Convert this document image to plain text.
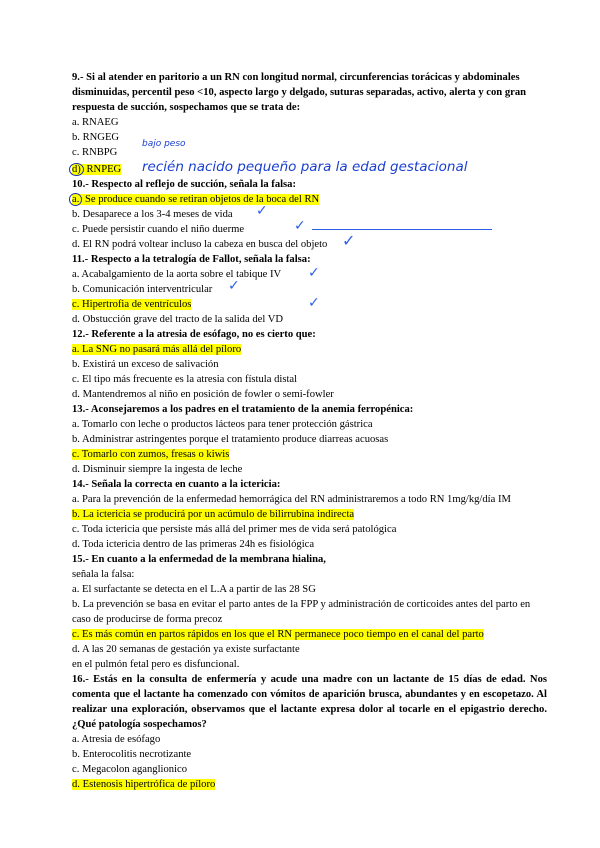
9.- Si al atender en paritorio a un RN con longitud normal, circunferencias torácicas y abdominales disminuidas, percentil peso <10, aspecto largo y delgado, suturas separadas, activo, alerta y con gran respuesta de succión, sospechamos que se trata de:
a. RNAEG
b. RNGEG
c. RNBPG
bajo peso
d) RNPEG recién nacido pequeño para la edad gestacional
10.- Respecto al reflejo de succión, señala la falsa:
a. Se produce cuando se retiran objetos de la boca del RN
b. Desaparece a los 3-4 meses de vida ✓
c. Puede persistir cuando el niño duerme	✓
d. El RN podrá voltear incluso la cabeza en busca del objeto ✓
11.- Respecto a la tetralogía de Fallot, señala la falsa:
a. Acabalgamiento de la aorta sobre el tabique IV ✓
b. Comunicación interventricular ✓
c. Hipertrofia de ventrículos	✓
d. Obstucción grave del tracto de la salida del VD
12.- Referente a la atresia de esófago, no es cierto que:
a. La SNG no pasará más allá del píloro
b. Existirá un exceso de salivación
c. El tipo más frecuente es la atresia con fístula distal
d. Mantendremos al niño en posición de fowler o semi-fowler
13.- Aconsejaremos a los padres en el tratamiento de la anemia ferropénica:
a. Tomarlo con leche o productos lácteos para tener protección gástrica
b. Administrar astringentes porque el tratamiento produce diarreas acuosas
c. Tomarlo con zumos, fresas o kiwis
d. Disminuir siempre la ingesta de leche
14.- Señala la correcta en cuanto a la ictericia:
a. Para la prevención de la enfermedad hemorrágica del RN administraremos a todo RN 1mg/kg/día IM
b. La ictericia se producirá por un acúmulo de bilirrubina indirecta
c. Toda ictericia que persiste más allá del primer mes de vida será patológica
d. Toda ictericia dentro de las primeras 24h es fisiológica
15.- En cuanto a la enfermedad de la membrana hialina,
señala la falsa:
a. El surfactante se detecta en el L.A a partir de las 28 SG
b. La prevención se basa en evitar el parto antes de la FPP y administración de corticoides antes del parto en caso de producirse de forma precoz
c. Es más común en partos rápidos en los que el RN permanece poco tiempo en el canal del parto
d. A las 20 semanas de gestación ya existe surfactante
en el pulmón fetal pero es disfuncional.
16.- Estás en la consulta de enfermería y acude una madre con un lactante de 15 días de edad. Nos comenta que el lactante ha comenzado con vómitos de aparición brusca, abundantes y en escopetazo. Al realizar una exploración, observamos que el lactante expresa dolor al tocarle en el epigastrio derecho. ¿Qué patología sospechamos?
a. Atresia de esófago
b. Enterocolitis necrotizante
c. Megacolon aganglionico
d. Estenosis hipertrófica de píloro
